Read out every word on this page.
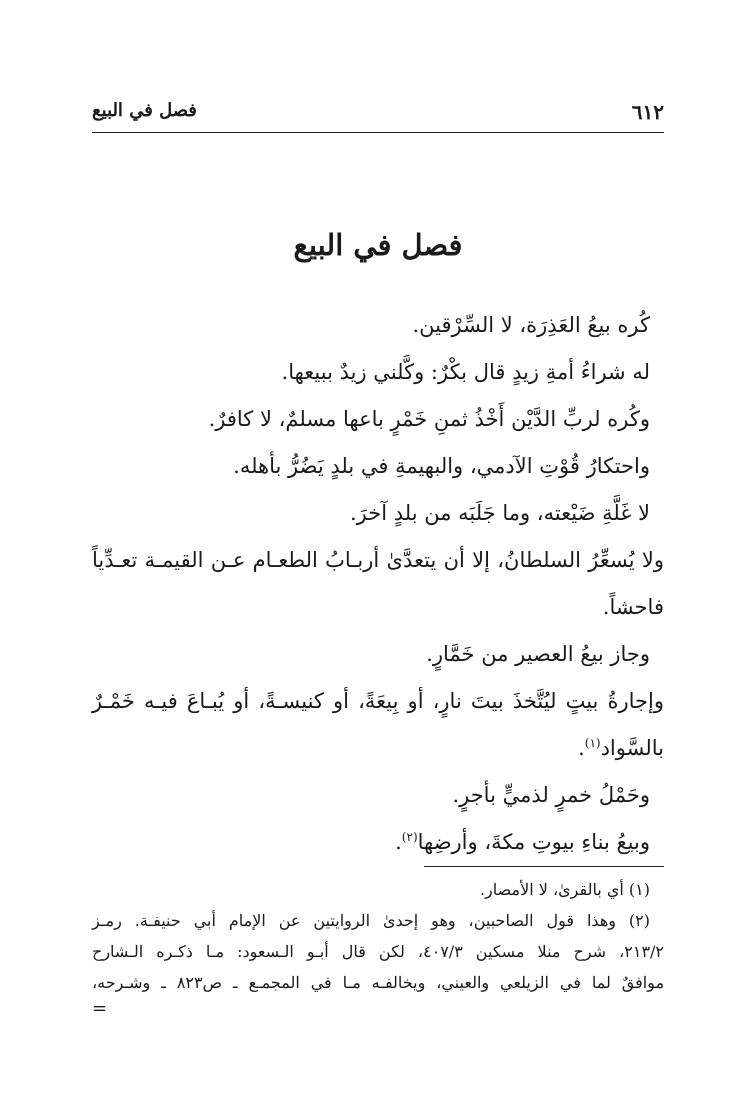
٦١٢
فصل في البيع
فصل في البيع
كُره بيعُ العَذِرَة، لا السِّرْقين.
له شراءُ أمةِ زيدٍ قال بكْرٌ: وكَّلني زيدٌ ببيعها.
وكُره لربِّ الدَّيْن أَخْذُ ثمنِ خَمْرٍ باعها مسلمٌ، لا كافرٌ.
واحتكارُ قُوْتِ الآدمي، والبهيمةِ في بلدٍ يَضُرُّ بأهله.
لا غَلَّةِ ضَيْعته، وما جَلَبَه من بلدٍ آخرَ.
ولا يُسعِّرُ السلطانُ، إلا أن يتعدَّىٰ أربـابُ الطعـام عـن القيمـة تعـدِّياً
فاحشاً.
وجاز بيعُ العصير من خَمَّارٍ.
وإجارةُ بيتٍ ليُتَّخذَ بيتَ نارٍ، أو بِيعَةً، أو كنيسـةً، أو يُبـاعَ فيـه خَمْـرٌ
بالسَّواد$^{(١)}$.
وحَمْلُ خمرٍ لذميٍّ بأجرٍ.
وبيعُ بناءِ بيوتِ مكةَ، وأرضِها$^{(٢)}$.
(١) أي بالقرىٰ، لا الأمصار.
(٢) وهذا قول الصاحبين، وهو إحدىٰ الروايتين عن الإمام أبي حنيفـة. رمـز
٢١٣/٢، شرح منلا مسكين ٤٠٧/٣، لكن قال أبـو الـسعود: مـا ذكـره الـشارح
موافقٌ لما في الزيلعي والعيني، ويخالفـه مـا في المجمـع ـ ص٨٢٣ ـ وشـرحه،
=
